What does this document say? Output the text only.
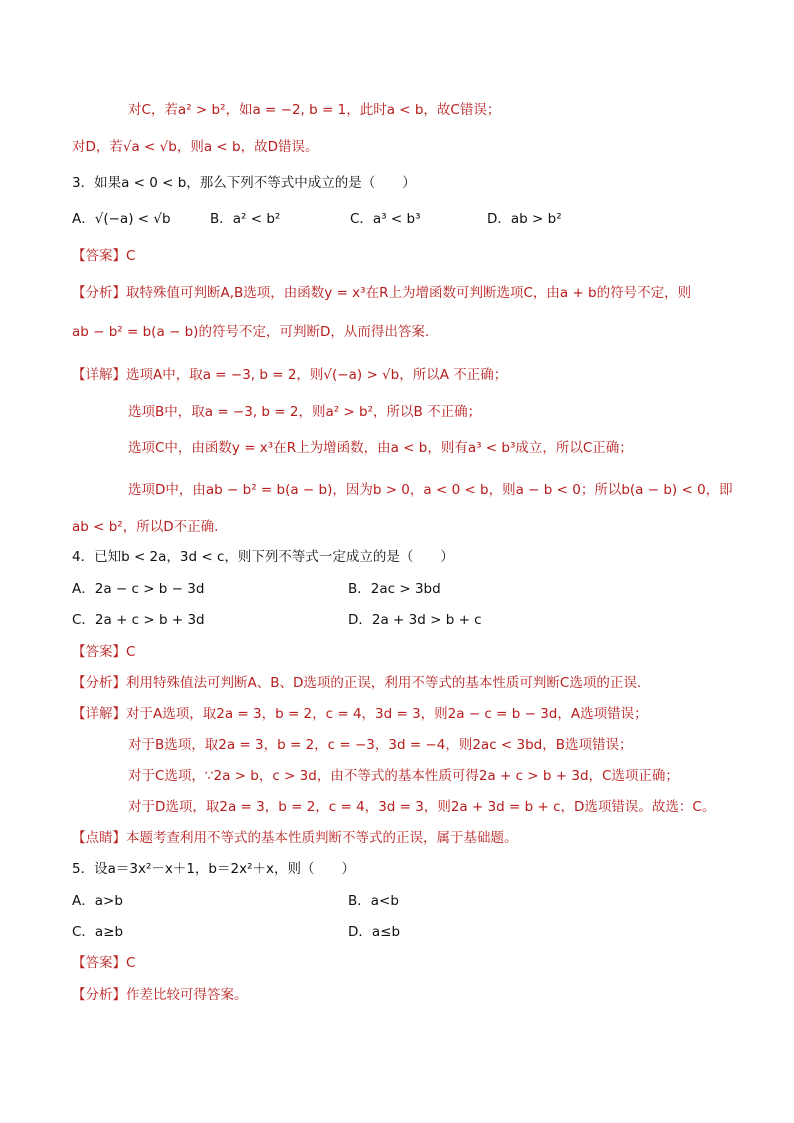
对C，若a² > b²，如a = −2, b = 1，此时a < b，故C错误；
对D，若√a < √b，则a < b，故D错误。
3．如果a < 0 < b，那么下列不等式中成立的是（　　）
A．√(−a) < √b	B．a² < b²	C．a³ < b³	D．ab > b²
【答案】C
【分析】取特殊值可判断A,B选项，由函数y = x³在R上为增函数可判断选项C，由a + b的符号不定，则
ab − b² = b(a − b)的符号不定，可判断D，从而得出答案.
【详解】选项A中，取a = −3, b = 2，则√(−a) > √b，所以A 不正确；
选项B中，取a = −3, b = 2，则a² > b²，所以B 不正确；
选项C中，由函数y = x³在R上为增函数，由a < b，则有a³ < b³成立，所以C正确；
选项D中，由ab − b² = b(a − b)，因为b > 0，a < 0 < b，则a − b < 0；所以b(a − b) < 0，即
ab < b²，所以D不正确.
4．已知b < 2a，3d < c，则下列不等式一定成立的是（　　）
A．2a − c > b − 3d	B．2ac > 3bd
C．2a + c > b + 3d	D．2a + 3d > b + c
【答案】C
【分析】利用特殊值法可判断A、B、D选项的正误，利用不等式的基本性质可判断C选项的正误.
【详解】对于A选项，取2a = 3，b = 2，c = 4，3d = 3，则2a − c = b − 3d，A选项错误；
对于B选项，取2a = 3，b = 2，c = −3，3d = −4，则2ac < 3bd，B选项错误；
对于C选项，∵2a > b，c > 3d，由不等式的基本性质可得2a + c > b + 3d，C选项正确；
对于D选项，取2a = 3，b = 2，c = 4，3d = 3，则2a + 3d = b + c，D选项错误。故选：C。
【点睛】本题考查利用不等式的基本性质判断不等式的正误，属于基础题。
5．设a＝3x²－x＋1，b＝2x²＋x，则（　　）
A．a>b	B．a<b
C．a≥b	D．a≤b
【答案】C
【分析】作差比较可得答案。
